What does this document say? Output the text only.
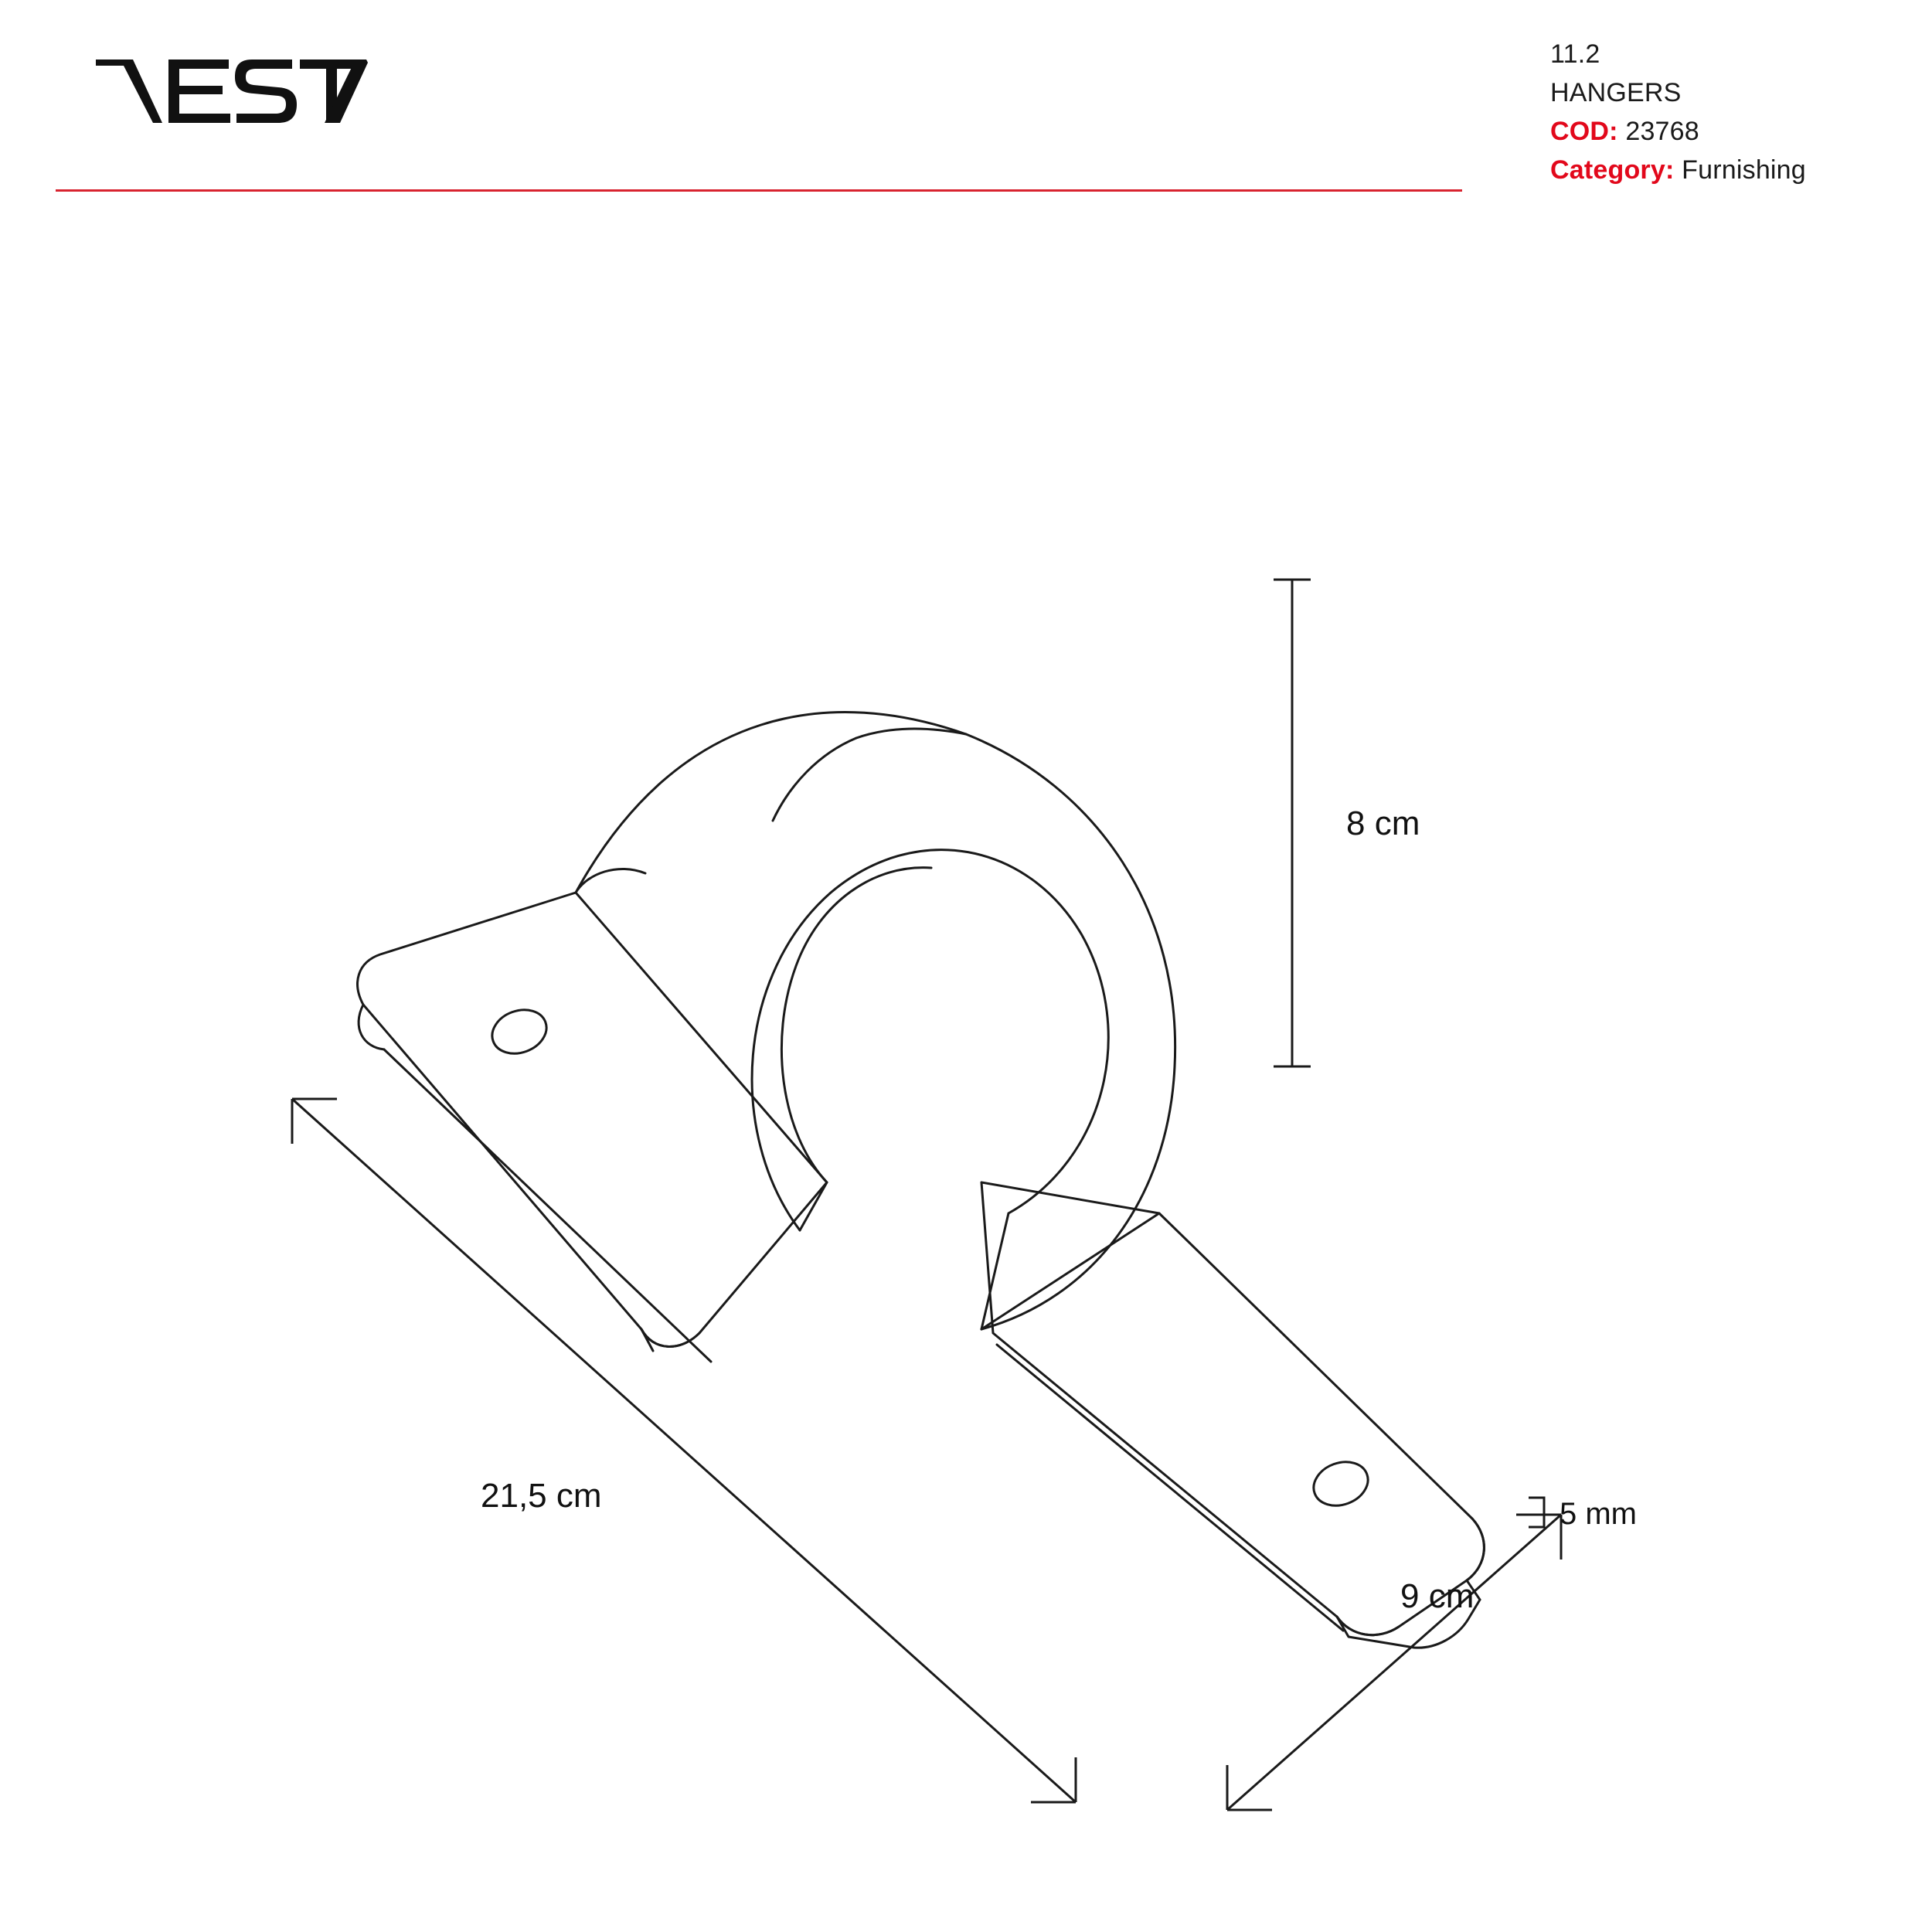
11.2
HANGERS
COD: 23768
Category: Furnishing
8 cm
21,5 cm
9 cm
5 mm
